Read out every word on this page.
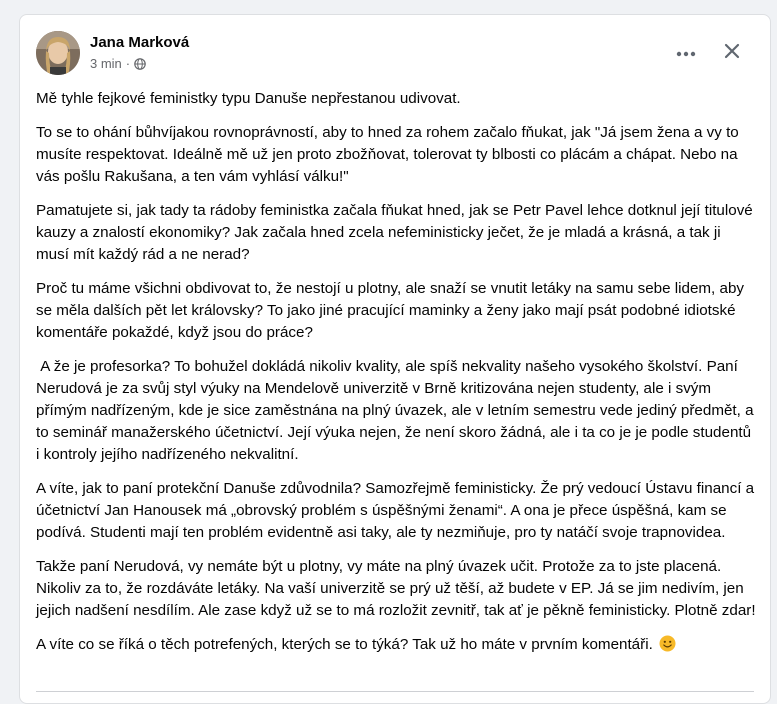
Jana Marková
3 min ·

Mě tyhle fejkové feministky typu Danuše nepřestanou udivovat.

To se to ohání bůhvíjakou rovnoprávností, aby to hned za rohem začalo fňukat, jak "Já jsem žena a vy to musíte respektovat. Ideálně mě už jen proto zbožňovat, tolerovat ty blbosti co plácám a chápat. Nebo na vás pošlu Rakušana, a ten vám vyhlásí válku!"

Pamatujete si, jak tady ta rádoby feministka začala fňukat hned, jak se Petr Pavel lehce dotknul její titulové kauzy a znalostí ekonomiky? Jak začala hned zcela nefeministicky ječet, že je mladá a krásná, a tak ji musí mít každý rád a ne nerad?

Proč tu máme všichni obdivovat to, že nestojí u plotny, ale snaží se vnutit letáky na samu sebe lidem, aby se měla dalších pět let královsky? To jako jiné pracující maminky a ženy jako mají psát podobné idiotské komentáře pokaždé, když jsou do práce?

A že je profesorka? To bohužel dokládá nikoliv kvality, ale spíš nekvality našeho vysokého školství. Paní Nerudová je za svůj styl výuky na Mendelově univerzitě v Brně kritizována nejen studenty, ale i svým přímým nadřízeným, kde je sice zaměstnána na plný úvazek, ale v letním semestru vede jediný předmět, a to seminář manažerského účetnictví. Její výuka nejen, že není skoro žádná, ale i ta co je je podle studentů i kontroly jejího nadřízeného nekvalitní.

A víte, jak to paní protekční Danuše zdůvodnila? Samozřejmě feministicky. Že prý vedoucí Ústavu financí a účetnictví Jan Hanousek má „obrovský problém s úspěšnými ženami“. A ona je přece úspěšná, kam se podívá. Studenti mají ten problém evidentně asi taky, ale ty nezmiňuje, pro ty natáčí svoje trapnovidea.

Takže paní Nerudová, vy nemáte být u plotny, vy máte na plný úvazek učit. Protože za to jste placená. Nikoliv za to, že rozdáváte letáky. Na vaší univerzitě se prý už těší, až budete v EP. Já se jim nedivím, jen jejich nadšení nesdílím. Ale zase když už se to má rozložit zevnitř, tak ať je pěkně feministicky. Plotně zdar!

A víte co se říká o těch potrefených, kterých se to týká? Tak už ho máte v prvním komentáři.
